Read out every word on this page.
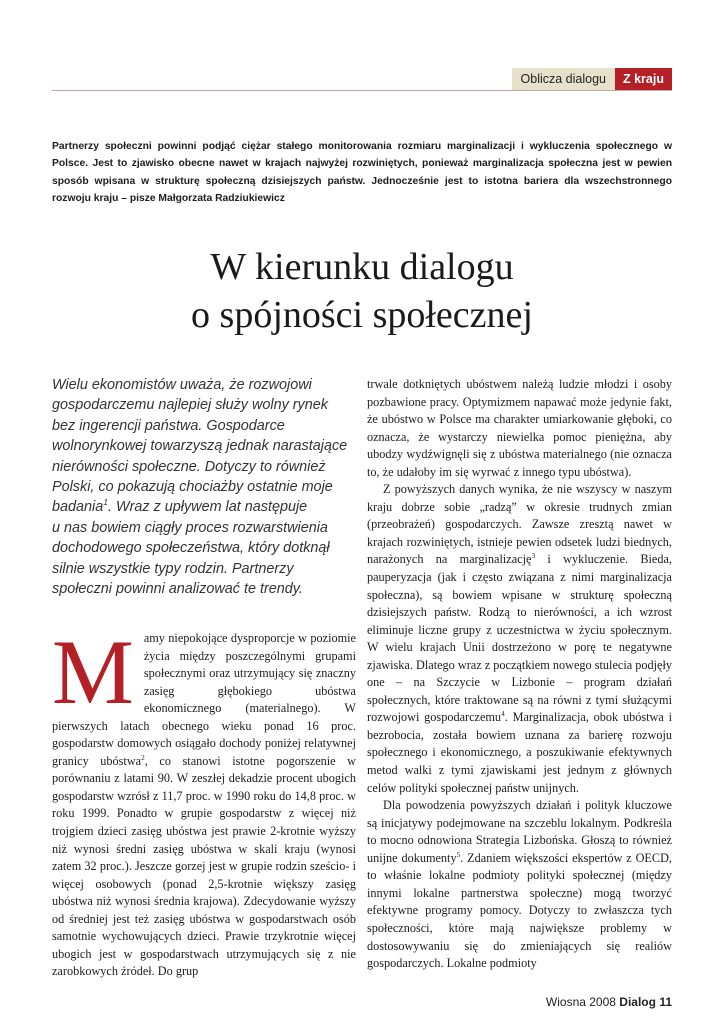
Oblicza dialogu	Z kraju

Partnerzy społeczni powinni podjąć ciężar stałego monitorowania rozmiaru marginalizacji i wykluczenia społecznego w Polsce. Jest to zjawisko obecne nawet w krajach najwyżej rozwiniętych, ponieważ marginalizacja społeczna jest w pewien sposób wpisana w strukturę społeczną dzisiejszych państw. Jednocześnie jest to istotna bariera dla wszechstronnego rozwoju kraju – pisze Małgorzata Radziukiewicz

W kierunku dialogu
o spójności społecznej
Wielu ekonomistów uważa, że rozwojowi
gospodarczemu najlepiej służy wolny rynek
bez ingerencji państwa. Gospodarce
wolnorynkowej towarzyszą jednak narastające
nierówności społeczne. Dotyczy to również
Polski, co pokazują chociażby ostatnie moje
badania$^1$. Wraz z upływem lat następuje
u nas bowiem ciągły proces rozwarstwienia
dochodowego społeczeństwa, który dotknął
silnie wszystkie typy rodzin. Partnerzy
społeczni powinni analizować te trendy.

Mamy niepokojące dysproporcje w poziomie życia między poszczególnymi grupami społecznymi oraz utrzymujący się znaczny zasięg głębokiego ubóstwa ekonomicznego (materialnego). W pierwszych latach obecnego wieku ponad 16 proc. gospodarstw domowych osiągało dochody poniżej relatywnej granicy ubóstwa$^2$, co stanowi istotne pogorszenie w porównaniu z latami 90. W zeszłej dekadzie procent ubogich gospodarstw wzrósł z 11,7 proc. w 1990 roku do 14,8 proc. w roku 1999. Ponadto w grupie gospodarstw z więcej niż trojgiem dzieci zasięg ubóstwa jest prawie 2-krotnie wyższy niż wynosi średni zasięg ubóstwa w skali kraju (wynosi zatem 32 proc.). Jeszcze gorzej jest w grupie rodzin sześcio- i więcej osobowych (ponad 2,5-krotnie większy zasięg ubóstwa niż wynosi średnia krajowa). Zdecydowanie wyższy od średniej jest też zasięg ubóstwa w gospodarstwach osób samotnie wychowujących dzieci. Prawie trzykrotnie więcej ubogich jest w gospodarstwach utrzymujących się z nie zarobkowych źródeł. Do grup

trwale dotkniętych ubóstwem należą ludzie młodzi i osoby pozbawione pracy. Optymizmem napawać może jedynie fakt, że ubóstwo w Polsce ma charakter umiarkowanie głęboki, co oznacza, że wystarczy niewielka pomoc pieniężna, aby ubodzy wydźwignęli się z ubóstwa materialnego (nie oznacza to, że udałoby im się wyrwać z innego typu ubóstwa).

Z powyższych danych wynika, że nie wszyscy w naszym kraju dobrze sobie „radzą” w okresie trudnych zmian (przeobrażeń) gospodarczych. Zawsze zresztą nawet w krajach rozwiniętych, istnieje pewien odsetek ludzi biednych, narażonych na marginalizację$^3$ i wykluczenie. Bieda, pauperyzacja (jak i często związana z nimi marginalizacja społeczna), są bowiem wpisane w strukturę społeczną dzisiejszych państw. Rodzą to nierówności, a ich wzrost eliminuje liczne grupy z uczestnictwa w życiu społecznym. W wielu krajach Unii dostrzeżono w porę te negatywne zjawiska. Dlatego wraz z początkiem nowego stulecia podjęły one – na Szczycie w Lizbonie – program działań społecznych, które traktowane są na równi z tymi służącymi rozwojowi gospodarczemu$^4$. Marginalizacja, obok ubóstwa i bezrobocia, została bowiem uznana za barierę rozwoju społecznego i ekonomicznego, a poszukiwanie efektywnych metod walki z tymi zjawiskami jest jednym z głównych celów polityki społecznej państw unijnych.

Dla powodzenia powyższych działań i polityk kluczowe są inicjatywy podejmowane na szczeblu lokalnym. Podkreśla to mocno odnowiona Strategia Lizbońska. Głoszą to również unijne dokumenty$^5$. Zdaniem większości ekspertów z OECD, to właśnie lokalne podmioty polityki społecznej (między innymi lokalne partnerstwa społeczne) mogą tworzyć efektywne programy pomocy. Dotyczy to zwłaszcza tych społeczności, które mają największe problemy w dostosowywaniu się do zmieniających się realiów gospodarczych. Lokalne podmioty

Wiosna 2008 Dialog 11
